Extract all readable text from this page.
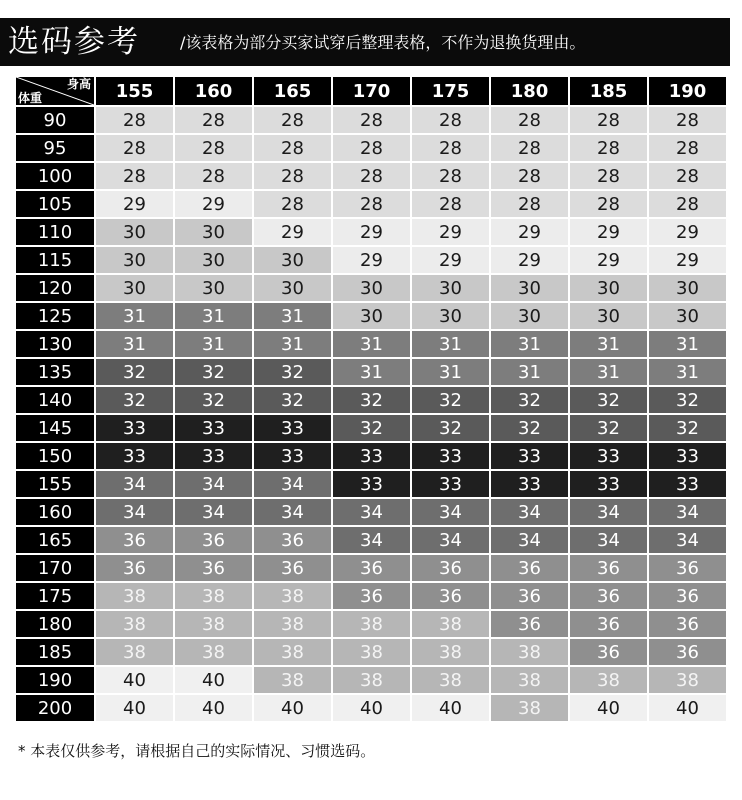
选码参考	/该表格为部分买家试穿后整理表格，不作为退换货理由。
身高
体重	155	160	165	170	175	180	185	190
90	28	28	28	28	28	28	28	28
95	28	28	28	28	28	28	28	28
100	28	28	28	28	28	28	28	28
105	29	29	28	28	28	28	28	28
110	30	30	29	29	29	29	29	29
115	30	30	30	29	29	29	29	29
120	30	30	30	30	30	30	30	30
125	31	31	31	30	30	30	30	30
130	31	31	31	31	31	31	31	31
135	32	32	32	31	31	31	31	31
140	32	32	32	32	32	32	32	32
145	33	33	33	32	32	32	32	32
150	33	33	33	33	33	33	33	33
155	34	34	34	33	33	33	33	33
160	34	34	34	34	34	34	34	34
165	36	36	36	34	34	34	34	34
170	36	36	36	36	36	36	36	36
175	38	38	38	36	36	36	36	36
180	38	38	38	38	38	36	36	36
185	38	38	38	38	38	38	36	36
190	40	40	38	38	38	38	38	38
200	40	40	40	40	40	38	40	40
* 本表仅供参考，请根据自己的实际情况、习惯选码。
